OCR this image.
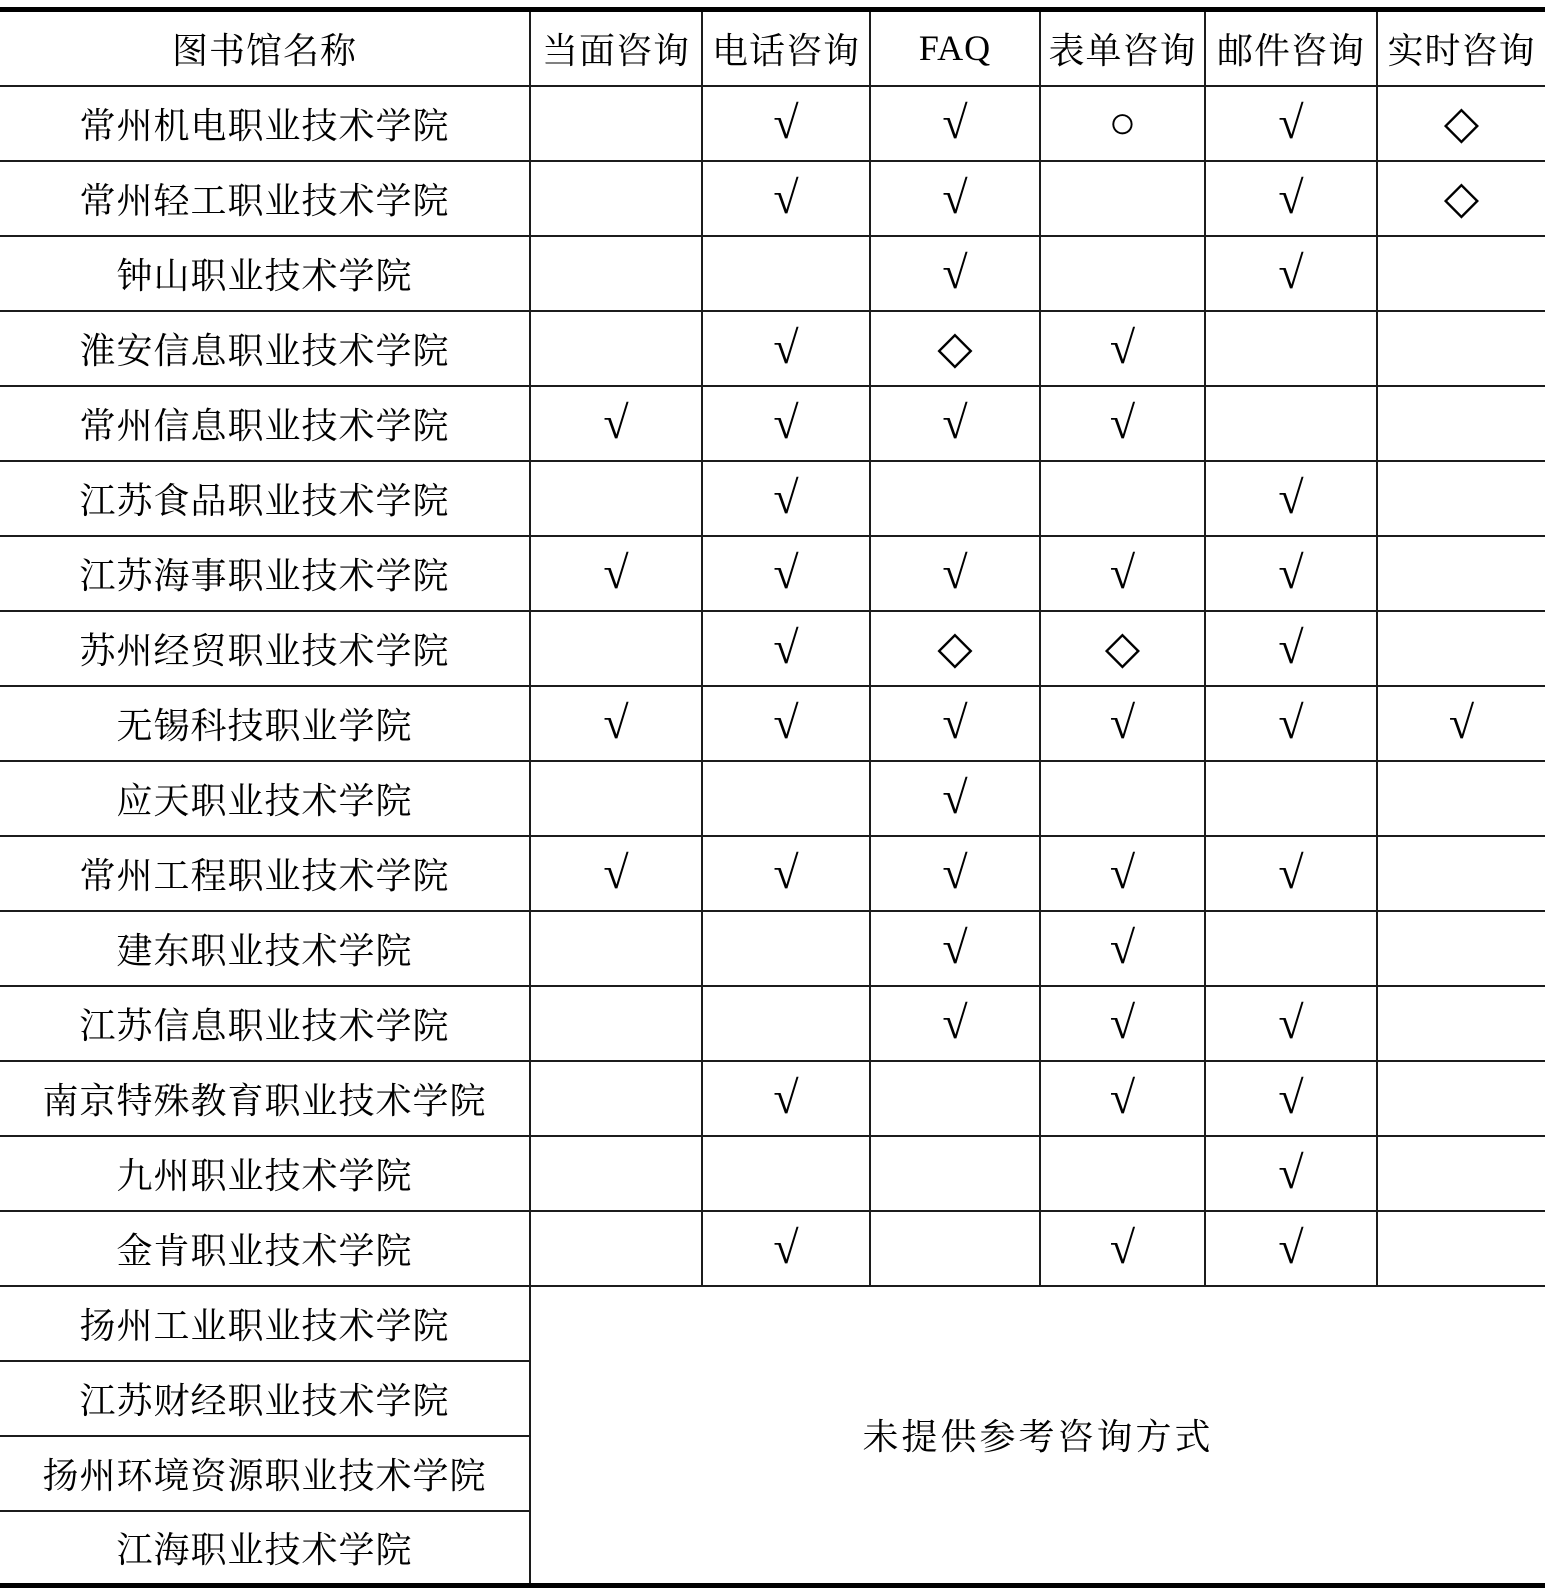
图书馆名称	当面咨询	电话咨询	FAQ	表单咨询	邮件咨询	实时咨询
常州机电职业技术学院		√	√	○	√	◇
常州轻工职业技术学院		√	√		√	◇
钟山职业技术学院			√		√	
淮安信息职业技术学院		√	◇	√		
常州信息职业技术学院	√	√	√	√		
江苏食品职业技术学院		√			√	
江苏海事职业技术学院	√	√	√	√	√	
苏州经贸职业技术学院		√	◇	◇	√	
无锡科技职业学院	√	√	√	√	√	√
应天职业技术学院			√			
常州工程职业技术学院	√	√	√	√	√	
建东职业技术学院			√	√		
江苏信息职业技术学院			√	√	√	
南京特殊教育职业技术学院		√		√	√	
九州职业技术学院					√	
金肯职业技术学院		√		√	√	
扬州工业职业技术学院	未提供参考咨询方式					
江苏财经职业技术学院						
扬州环境资源职业技术学院						
江海职业技术学院						
